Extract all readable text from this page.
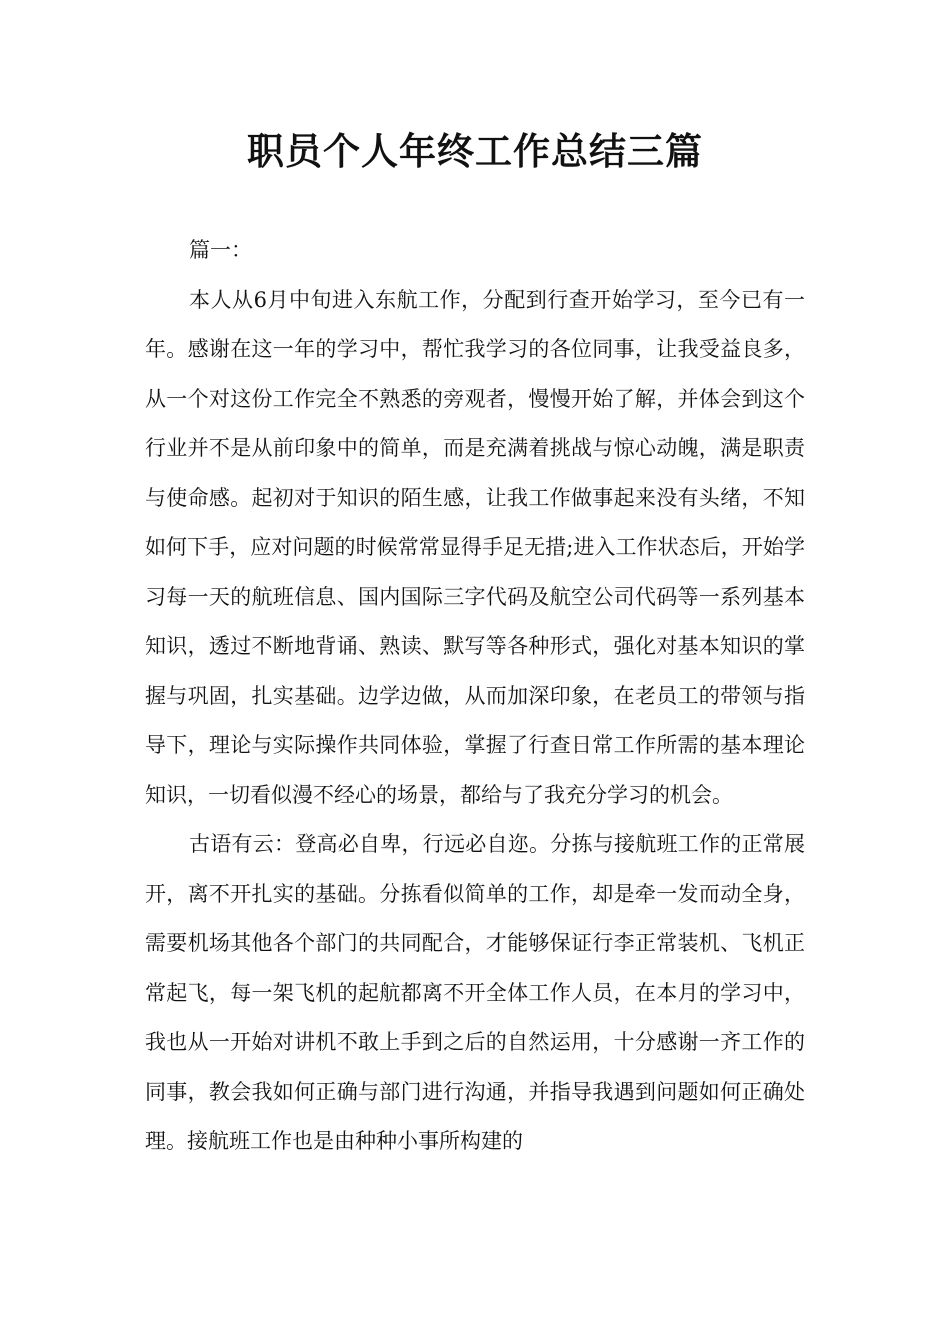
职员个人年终工作总结三篇

篇一：

本人从6月中旬进入东航工作，分配到行查开始学习，至今已有一年。感谢在这一年的学习中，帮忙我学习的各位同事，让我受益良多，从一个对这份工作完全不熟悉的旁观者，慢慢开始了解，并体会到这个行业并不是从前印象中的简单，而是充满着挑战与惊心动魄，满是职责与使命感。起初对于知识的陌生感，让我工作做事起来没有头绪，不知如何下手，应对问题的时候常常显得手足无措;进入工作状态后，开始学习每一天的航班信息、国内国际三字代码及航空公司代码等一系列基本知识，透过不断地背诵、熟读、默写等各种形式，强化对基本知识的掌握与巩固，扎实基础。边学边做，从而加深印象，在老员工的带领与指导下，理论与实际操作共同体验，掌握了行查日常工作所需的基本理论知识，一切看似漫不经心的场景，都给与了我充分学习的机会。

古语有云：登高必自卑，行远必自迩。分拣与接航班工作的正常展开，离不开扎实的基础。分拣看似简单的工作，却是牵一发而动全身，需要机场其他各个部门的共同配合，才能够保证行李正常装机、飞机正常起飞，每一架飞机的起航都离不开全体工作人员，在本月的学习中，我也从一开始对讲机不敢上手到之后的自然运用，十分感谢一齐工作的同事，教会我如何正确与部门进行沟通，并指导我遇到问题如何正确处理。接航班工作也是由种种小事所构建的
